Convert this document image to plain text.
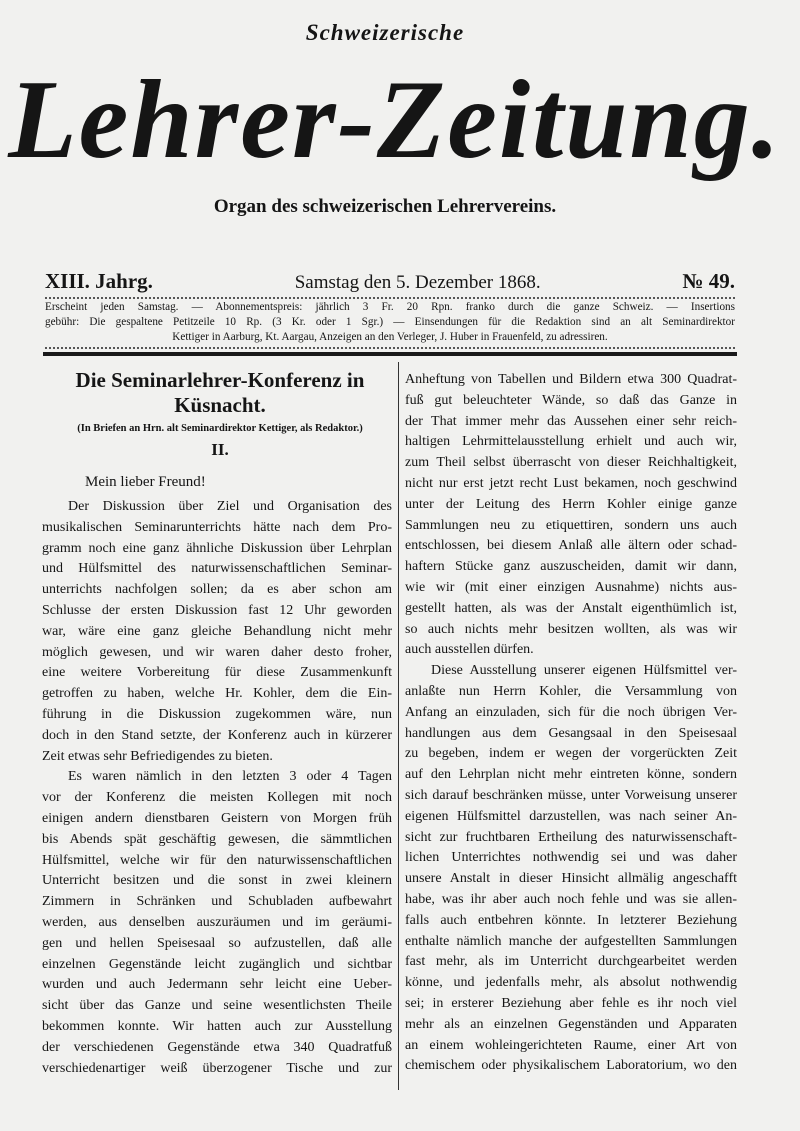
Schweizerische
Lehrer-Zeitung.
Organ des schweizerischen Lehrervereins.
XIII. Jahrg.	Samstag den 5. Dezember 1868.	№ 49.
Erscheint jeden Samstag. — Abonnementspreis: jährlich 3 Fr. 20 Rpn. franko durch die ganze Schweiz. — Insertions
gebühr: Die gespaltene Petitzeile 10 Rp. (3 Kr. oder 1 Sgr.) — Einsendungen für die Redaktion sind an alt Seminardirektor
Kettiger in Aarburg, Kt. Aargau, Anzeigen an den Verleger, J. Huber in Frauenfeld, zu adressiren.
Die Seminarlehrer-Konferenz in
Küsnacht.
(In Briefen an Hrn. alt Seminardirektor Kettiger, als Redaktor.)
II.
Mein lieber Freund!
Der Diskussion über Ziel und Organisation des
musikalischen Seminarunterrichts hätte nach dem Pro-
gramm noch eine ganz ähnliche Diskussion über Lehrplan
und Hülfsmittel des naturwissenschaftlichen Seminar-
unterrichts nachfolgen sollen; da es aber schon am
Schlusse der ersten Diskussion fast 12 Uhr geworden
war, wäre eine ganz gleiche Behandlung nicht mehr
möglich gewesen, und wir waren daher desto froher,
eine weitere Vorbereitung für diese Zusammenkunft
getroffen zu haben, welche Hr. Kohler, dem die Ein-
führung in die Diskussion zugekommen wäre, nun
doch in den Stand setzte, der Konferenz auch in kürzerer
Zeit etwas sehr Befriedigendes zu bieten.
Es waren nämlich in den letzten 3 oder 4 Tagen
vor der Konferenz die meisten Kollegen mit noch
einigen andern dienstbaren Geistern von Morgen früh
bis Abends spät geschäftig gewesen, die sämmtlichen
Hülfsmittel, welche wir für den naturwissenschaftlichen
Unterricht besitzen und die sonst in zwei kleinern
Zimmern in Schränken und Schubladen aufbewahrt
werden, aus denselben auszuräumen und im geräumi-
gen und hellen Speisesaal so aufzustellen, daß alle
einzelnen Gegenstände leicht zugänglich und sichtbar
wurden und auch Jedermann sehr leicht eine Ueber-
sicht über das Ganze und seine wesentlichsten Theile
bekommen konnte. Wir hatten auch zur Ausstellung
der verschiedenen Gegenstände etwa 340 Quadratfuß
verschiedenartiger weiß überzogener Tische und zur
Anheftung von Tabellen und Bildern etwa 300 Quadrat-
fuß gut beleuchteter Wände, so daß das Ganze in
der That immer mehr das Aussehen einer sehr reich-
haltigen Lehrmittelausstellung erhielt und auch wir,
zum Theil selbst überrascht von dieser Reichhaltigkeit,
nicht nur erst jetzt recht Lust bekamen, noch geschwind
unter der Leitung des Herrn Kohler einige ganze
Sammlungen neu zu etiquettiren, sondern uns auch
entschlossen, bei diesem Anlaß alle ältern oder schad-
haftern Stücke ganz auszuscheiden, damit wir dann,
wie wir (mit einer einzigen Ausnahme) nichts aus-
gestellt hatten, als was der Anstalt eigenthümlich ist,
so auch nichts mehr besitzen wollten, als was wir
auch ausstellen dürfen.
Diese Ausstellung unserer eigenen Hülfsmittel ver-
anlaßte nun Herrn Kohler, die Versammlung von
Anfang an einzuladen, sich für die noch übrigen Ver-
handlungen aus dem Gesangsaal in den Speisesaal
zu begeben, indem er wegen der vorgerückten Zeit
auf den Lehrplan nicht mehr eintreten könne, sondern
sich darauf beschränken müsse, unter Vorweisung unserer
eigenen Hülfsmittel darzustellen, was nach seiner An-
sicht zur fruchtbaren Ertheilung des naturwissenschaft-
lichen Unterrichtes nothwendig sei und was daher
unsere Anstalt in dieser Hinsicht allmälig angeschafft
habe, was ihr aber auch noch fehle und was sie allen-
falls auch entbehren könnte. In letzterer Beziehung
enthalte nämlich manche der aufgestellten Sammlungen
fast mehr, als im Unterricht durchgearbeitet werden
könne, und jedenfalls mehr, als absolut nothwendig
sei; in ersterer Beziehung aber fehle es ihr noch viel
mehr als an einzelnen Gegenständen und Apparaten
an einem wohleingerichteten Raume, einer Art von
chemischem oder physikalischem Laboratorium, wo den
